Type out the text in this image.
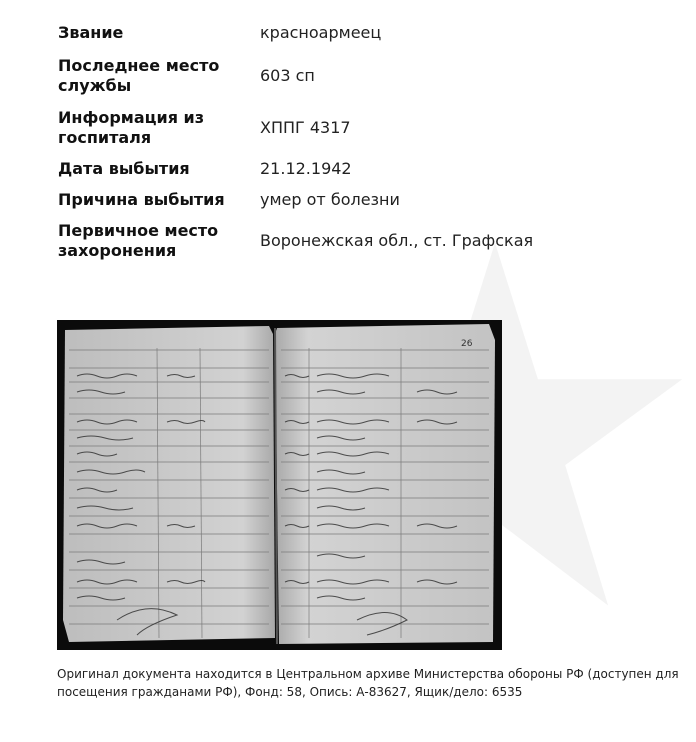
Звание	красноармеец
Последнее место службы	603 сп
Информация из госпиталя	ХППГ 4317
Дата выбытия	21.12.1942
Причина выбытия	умер от болезни
Первичное место захоронения	Воронежская обл., ст. Графская
26
Оригинал документа находится в Центральном архиве Министерства обороны РФ (доступен для посещения гражданами РФ), Фонд: 58, Опись: А-83627, Ящик/дело: 6535
